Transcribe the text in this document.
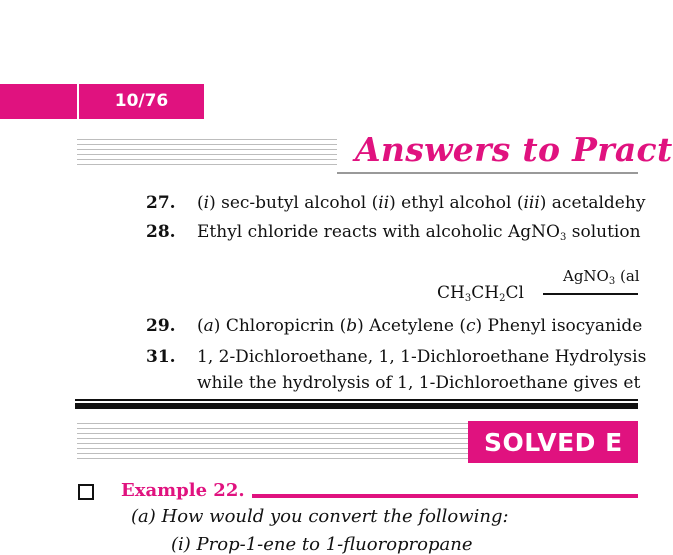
10/76
Answers to Pract
27. (i) sec-butyl alcohol (ii) ethyl alcohol (iii) acetaldehy
28. Ethyl chloride reacts with alcoholic AgNO$_3$ solution
$CH_3CH_2Cl$
AgNO$_3$ (al
29. (a) Chloropicrin (b) Acetylene (c) Phenyl isocyanide
31. 1, 2-Dichloroethane, 1, 1-Dichloroethane Hydrolysis
while the hydrolysis of 1, 1-Dichloroethane gives et
SOLVED E
Example 22.
(a) How would you convert the following:
(i) Prop-1-ene to 1-fluoropropane
